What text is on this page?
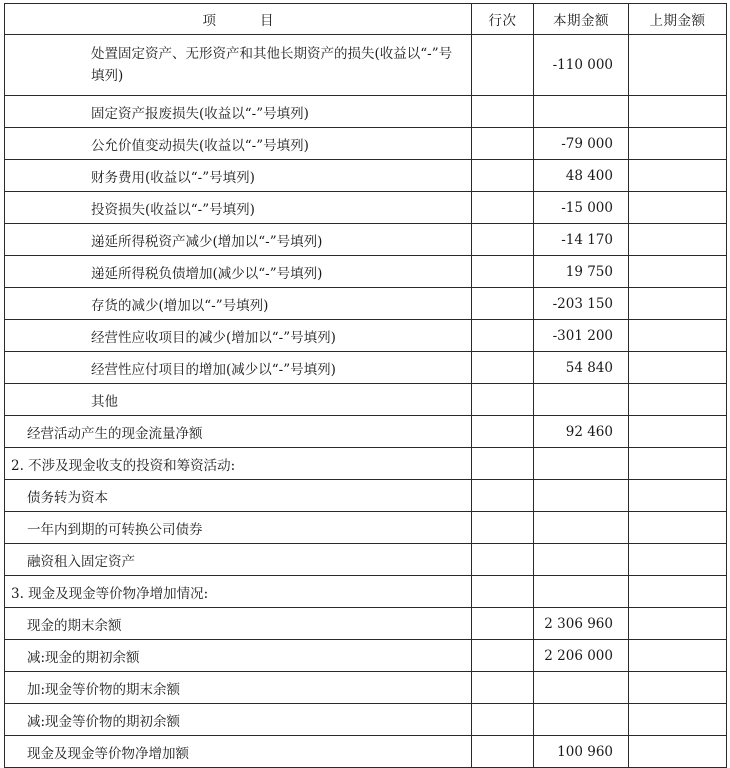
项 目	行次	本期金额	上期金额
处置固定资产、无形资产和其他长期资产的损失(收益以“-”号填列)		-110 000	
固定资产报废损失(收益以“-”号填列)			
公允价值变动损失(收益以“-”号填列)		-79 000	
财务费用(收益以“-”号填列)		48 400	
投资损失(收益以“-”号填列)		-15 000	
递延所得税资产减少(增加以“-”号填列)		-14 170	
递延所得税负债增加(减少以“-”号填列)		19 750	
存货的减少(增加以“-”号填列)		-203 150	
经营性应收项目的减少(增加以“-”号填列)		-301 200	
经营性应付项目的增加(减少以“-”号填列)		54 840	
其他			
经营活动产生的现金流量净额		92 460	
2. 不涉及现金收支的投资和筹资活动:			
债务转为资本			
一年内到期的可转换公司债券			
融资租入固定资产			
3. 现金及现金等价物净增加情况:			
现金的期末余额		2 306 960	
减:现金的期初余额		2 206 000	
加:现金等价物的期末余额			
减:现金等价物的期初余额			
现金及现金等价物净增加额		100 960	
